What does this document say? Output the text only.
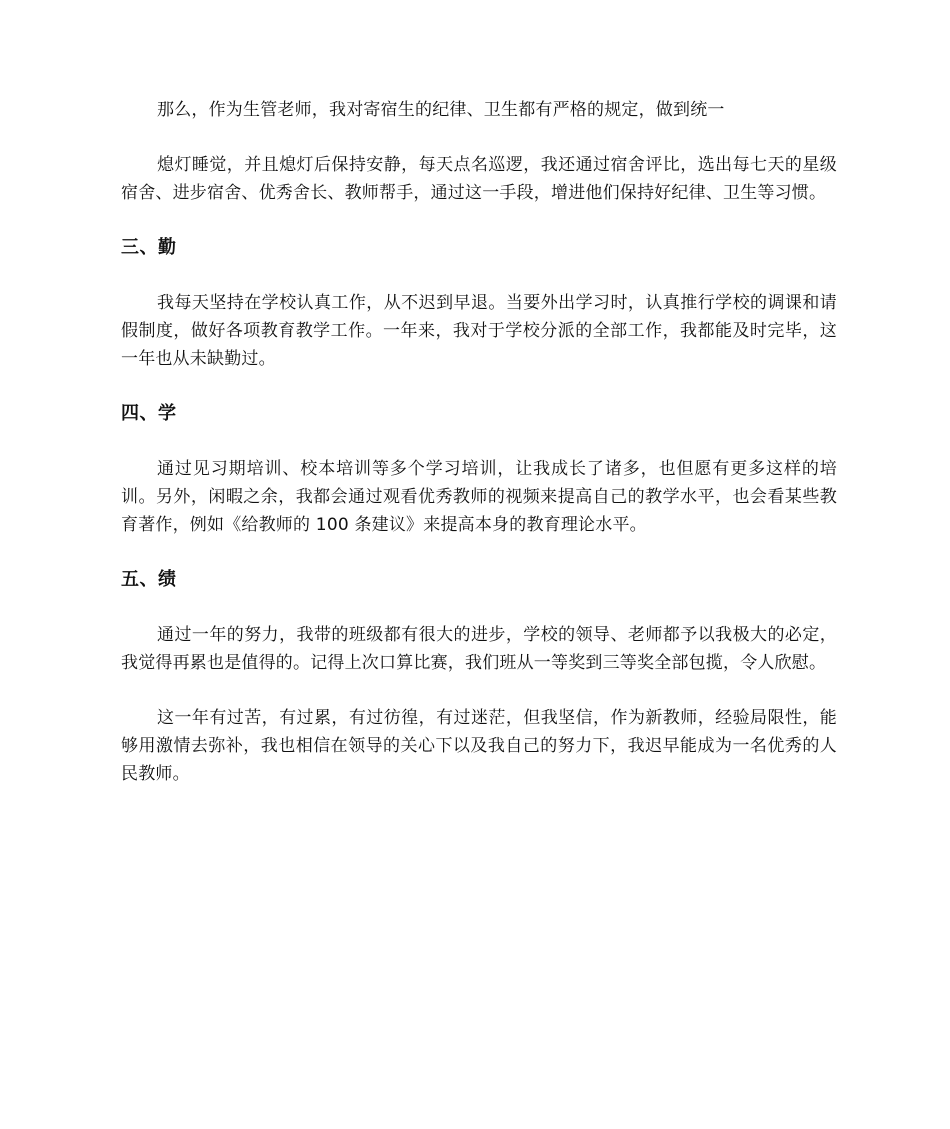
那么，作为生管老师，我对寄宿生的纪律、卫生都有严格的规定，做到统一

熄灯睡觉，并且熄灯后保持安静，每天点名巡逻，我还通过宿舍评比，选出每七天的星级宿舍、进步宿舍、优秀舍长、教师帮手，通过这一手段，增进他们保持好纪律、卫生等习惯。

三、勤

我每天坚持在学校认真工作，从不迟到早退。当要外出学习时，认真推行学校的调课和请假制度，做好各项教育教学工作。一年来，我对于学校分派的全部工作，我都能及时完毕，这一年也从未缺勤过。

四、学

通过见习期培训、校本培训等多个学习培训，让我成长了诸多，也但愿有更多这样的培训。另外，闲暇之余，我都会通过观看优秀教师的视频来提高自己的教学水平，也会看某些教育著作，例如《给教师的 100 条建议》来提高本身的教育理论水平。

五、绩

通过一年的努力，我带的班级都有很大的进步，学校的领导、老师都予以我极大的必定，我觉得再累也是值得的。记得上次口算比赛，我们班从一等奖到三等奖全部包揽，令人欣慰。

这一年有过苦，有过累，有过彷徨，有过迷茫，但我坚信，作为新教师，经验局限性，能够用激情去弥补，我也相信在领导的关心下以及我自己的努力下，我迟早能成为一名优秀的人民教师。
